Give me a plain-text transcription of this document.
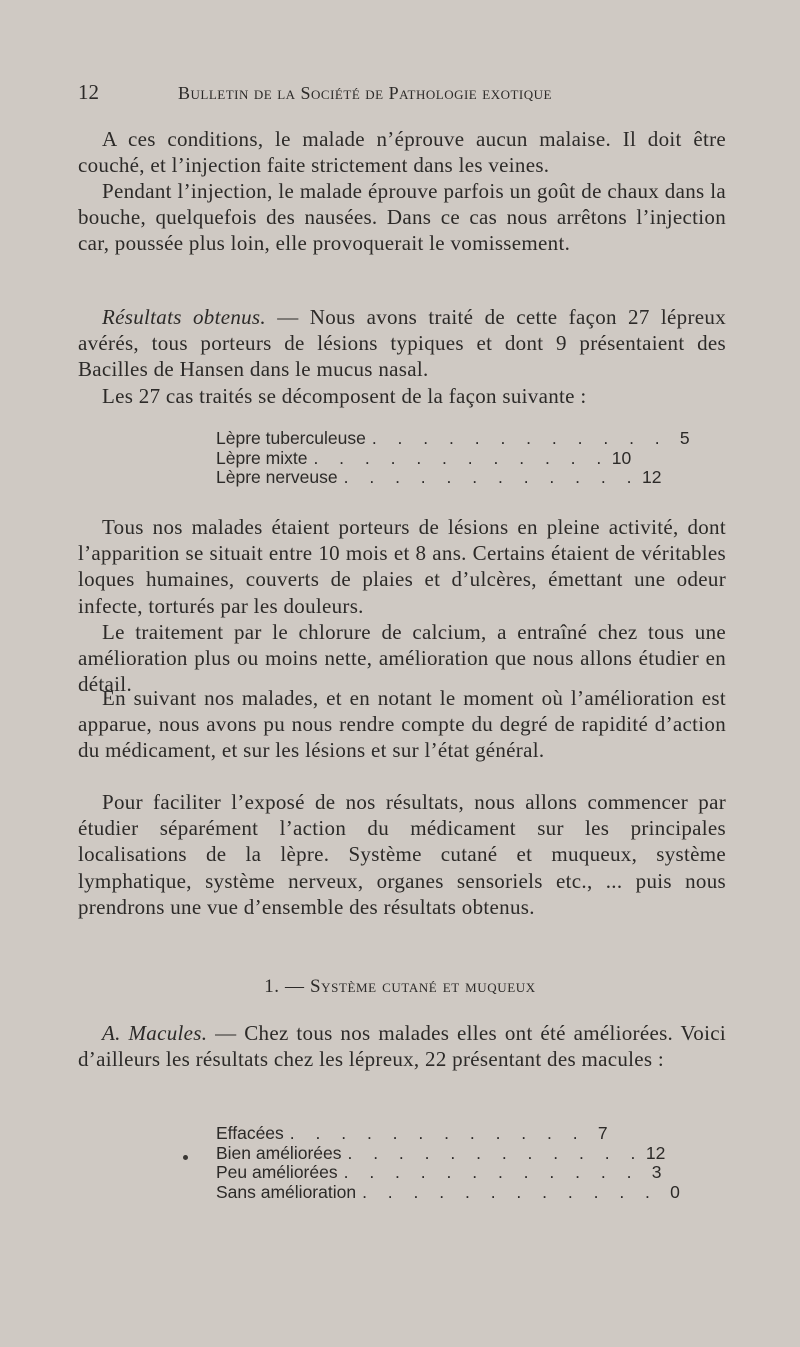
12	Bulletin de la Société de Pathologie exotique

A ces conditions, le malade n’éprouve aucun malaise. Il doit être couché, et l’injection faite strictement dans les veines.

Pendant l’injection, le malade éprouve parfois un goût de chaux dans la bouche, quelquefois des nausées. Dans ce cas nous arrêtons l’injection car, poussée plus loin, elle provoquerait le vomissement.

Résultats obtenus. — Nous avons traité de cette façon 27 lépreux avérés, tous porteurs de lésions typiques et dont 9 présentaient des Bacilles de Hansen dans le mucus nasal.

Les 27 cas traités se décomposent de la façon suivante :

Lèpre tuberculeuse . . . . . . . . . . . . 5
Lèpre mixte . . . . . . . . . . . . 10
Lèpre nerveuse . . . . . . . . . . . . 12

Tous nos malades étaient porteurs de lésions en pleine activité, dont l’apparition se situait entre 10 mois et 8 ans. Certains étaient de véritables loques humaines, couverts de plaies et d’ulcères, émettant une odeur infecte, torturés par les douleurs.

Le traitement par le chlorure de calcium, a entraîné chez tous une amélioration plus ou moins nette, amélioration que nous allons étudier en détail.

En suivant nos malades, et en notant le moment où l’amélioration est apparue, nous avons pu nous rendre compte du degré de rapidité d’action du médicament, et sur les lésions et sur l’état général.

Pour faciliter l’exposé de nos résultats, nous allons commencer par étudier séparément l’action du médicament sur les principales localisations de la lèpre. Système cutané et muqueux, système lymphatique, système nerveux, organes sensoriels etc., ... puis nous prendrons une vue d’ensemble des résultats obtenus.

1. — Système cutané et muqueux

A. Macules. — Chez tous nos malades elles ont été améliorées. Voici d’ailleurs les résultats chez les lépreux, 22 présentant des macules :

Effacées . . . . . . . . . . . . 7
Bien améliorées . . . . . . . . . . . . 12
Peu améliorées . . . . . . . . . . . . 3
Sans amélioration . . . . . . . . . . . . 0
